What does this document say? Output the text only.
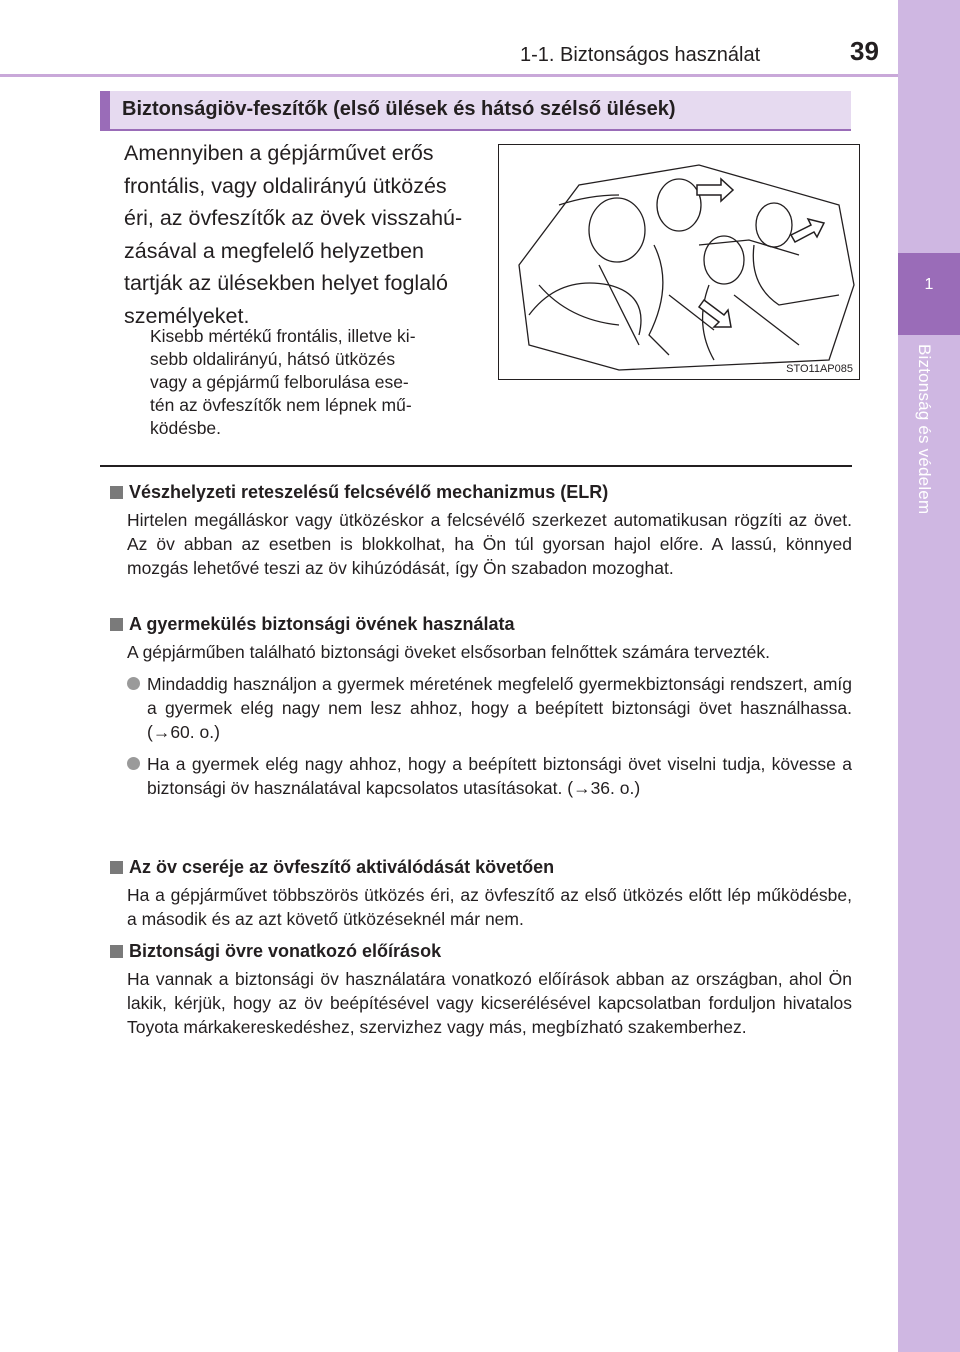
1-1. Biztonságos használat	39
1
Biztonság és védelem
Biztonságiöv-feszítők (első ülések és hátsó szélső ülések)
Amennyiben a gépjárművet erős
frontális, vagy oldalirányú ütközés
éri, az övfeszítők az övek visszahú-
zásával a megfelelő helyzetben
tartják az ülésekben helyet foglaló
személyeket.
Kisebb mértékű frontális, illetve ki-
sebb oldalirányú, hátsó ütközés
vagy a gépjármű felborulása ese-
tén az övfeszítők nem lépnek mű-
ködésbe.
STO11AP085
Vészhelyzeti reteszelésű felcsévélő mechanizmus (ELR)
Hirtelen megálláskor vagy ütközéskor a felcsévélő szerkezet automatikusan rögzíti az övet. Az öv abban az esetben is blokkolhat, ha Ön túl gyorsan hajol előre. A lassú, könnyed mozgás lehetővé teszi az öv kihúzódását, így Ön szabadon mozoghat.
A gyermekülés biztonsági övének használata
A gépjárműben található biztonsági öveket elsősorban felnőttek számára tervezték.
Mindaddig használjon a gyermek méretének megfelelő gyermekbiztonsági rendszert, amíg a gyermek elég nagy nem lesz ahhoz, hogy a beépített biztonsági övet használhassa. (→60. o.)
Ha a gyermek elég nagy ahhoz, hogy a beépített biztonsági övet viselni tudja, kövesse a biztonsági öv használatával kapcsolatos utasításokat. (→36. o.)
Az öv cseréje az övfeszítő aktiválódását követően
Ha a gépjárművet többszörös ütközés éri, az övfeszítő az első ütközés előtt lép működésbe, a második és az azt követő ütközéseknél már nem.
Biztonsági övre vonatkozó előírások
Ha vannak a biztonsági öv használatára vonatkozó előírások abban az országban, ahol Ön lakik, kérjük, hogy az öv beépítésével vagy kicserélésével kapcsolatban forduljon hivatalos Toyota márkakereskedéshez, szervizhez vagy más, megbízható szakemberhez.
